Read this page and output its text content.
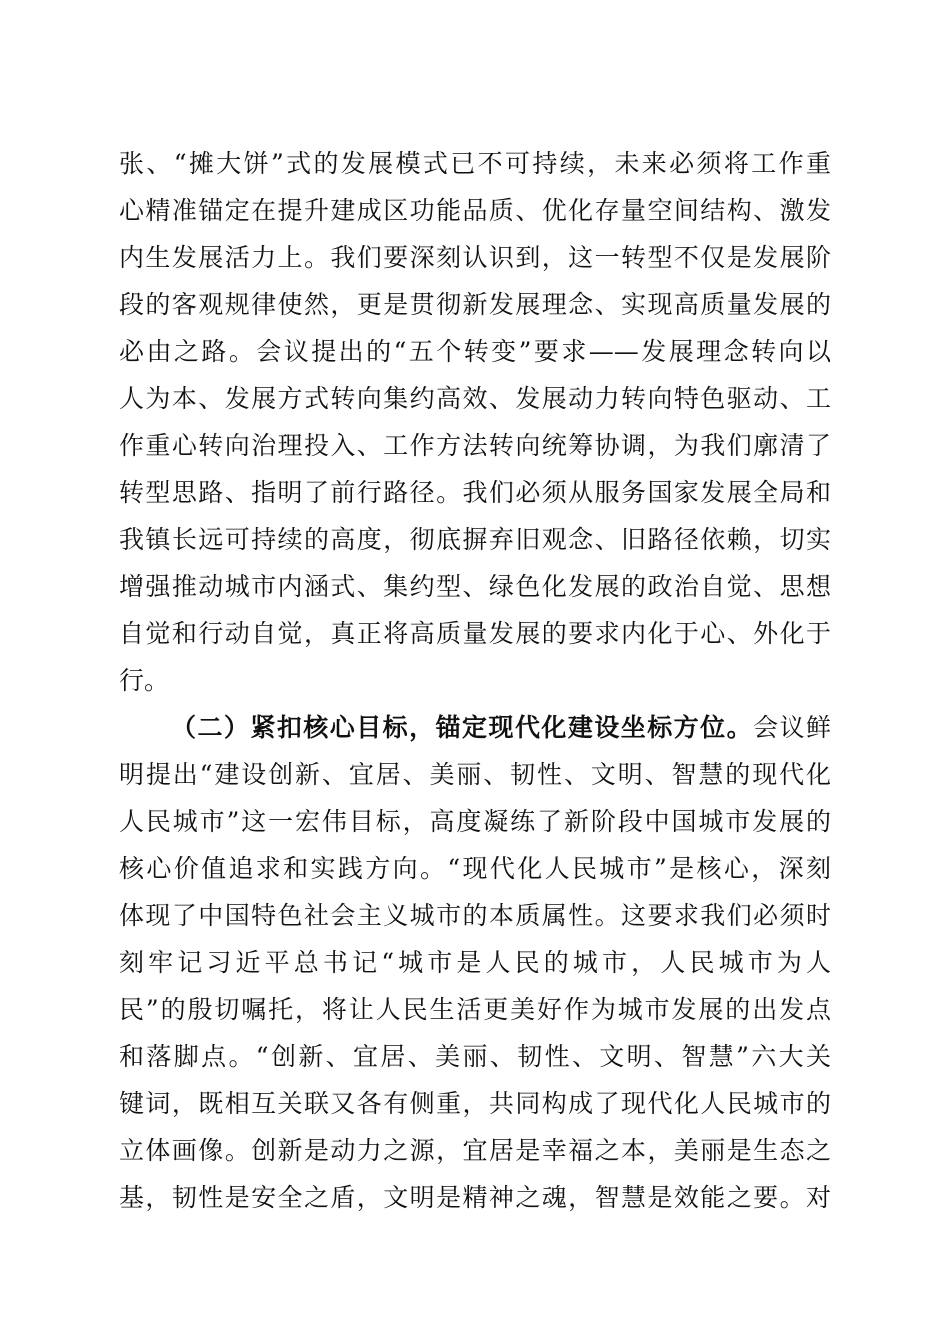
张、“摊大饼”式的发展模式已不可持续，未来必须将工作重
心精准锚定在提升建成区功能品质、优化存量空间结构、激发
内生发展活力上。我们要深刻认识到，这一转型不仅是发展阶
段的客观规律使然，更是贯彻新发展理念、实现高质量发展的
必由之路。会议提出的“五个转变”要求——发展理念转向以
人为本、发展方式转向集约高效、发展动力转向特色驱动、工
作重心转向治理投入、工作方法转向统筹协调，为我们廓清了
转型思路、指明了前行路径。我们必须从服务国家发展全局和
我镇长远可持续的高度，彻底摒弃旧观念、旧路径依赖，切实
增强推动城市内涵式、集约型、绿色化发展的政治自觉、思想
自觉和行动自觉，真正将高质量发展的要求内化于心、外化于
行。
（二）紧扣核心目标，锚定现代化建设坐标方位。会议鲜
明提出“建设创新、宜居、美丽、韧性、文明、智慧的现代化
人民城市”这一宏伟目标，高度凝练了新阶段中国城市发展的
核心价值追求和实践方向。“现代化人民城市”是核心，深刻
体现了中国特色社会主义城市的本质属性。这要求我们必须时
刻牢记习近平总书记“城市是人民的城市，人民城市为人
民”的殷切嘱托，将让人民生活更美好作为城市发展的出发点
和落脚点。“创新、宜居、美丽、韧性、文明、智慧”六大关
键词，既相互关联又各有侧重，共同构成了现代化人民城市的
立体画像。创新是动力之源，宜居是幸福之本，美丽是生态之
基，韧性是安全之盾，文明是精神之魂，智慧是效能之要。对
